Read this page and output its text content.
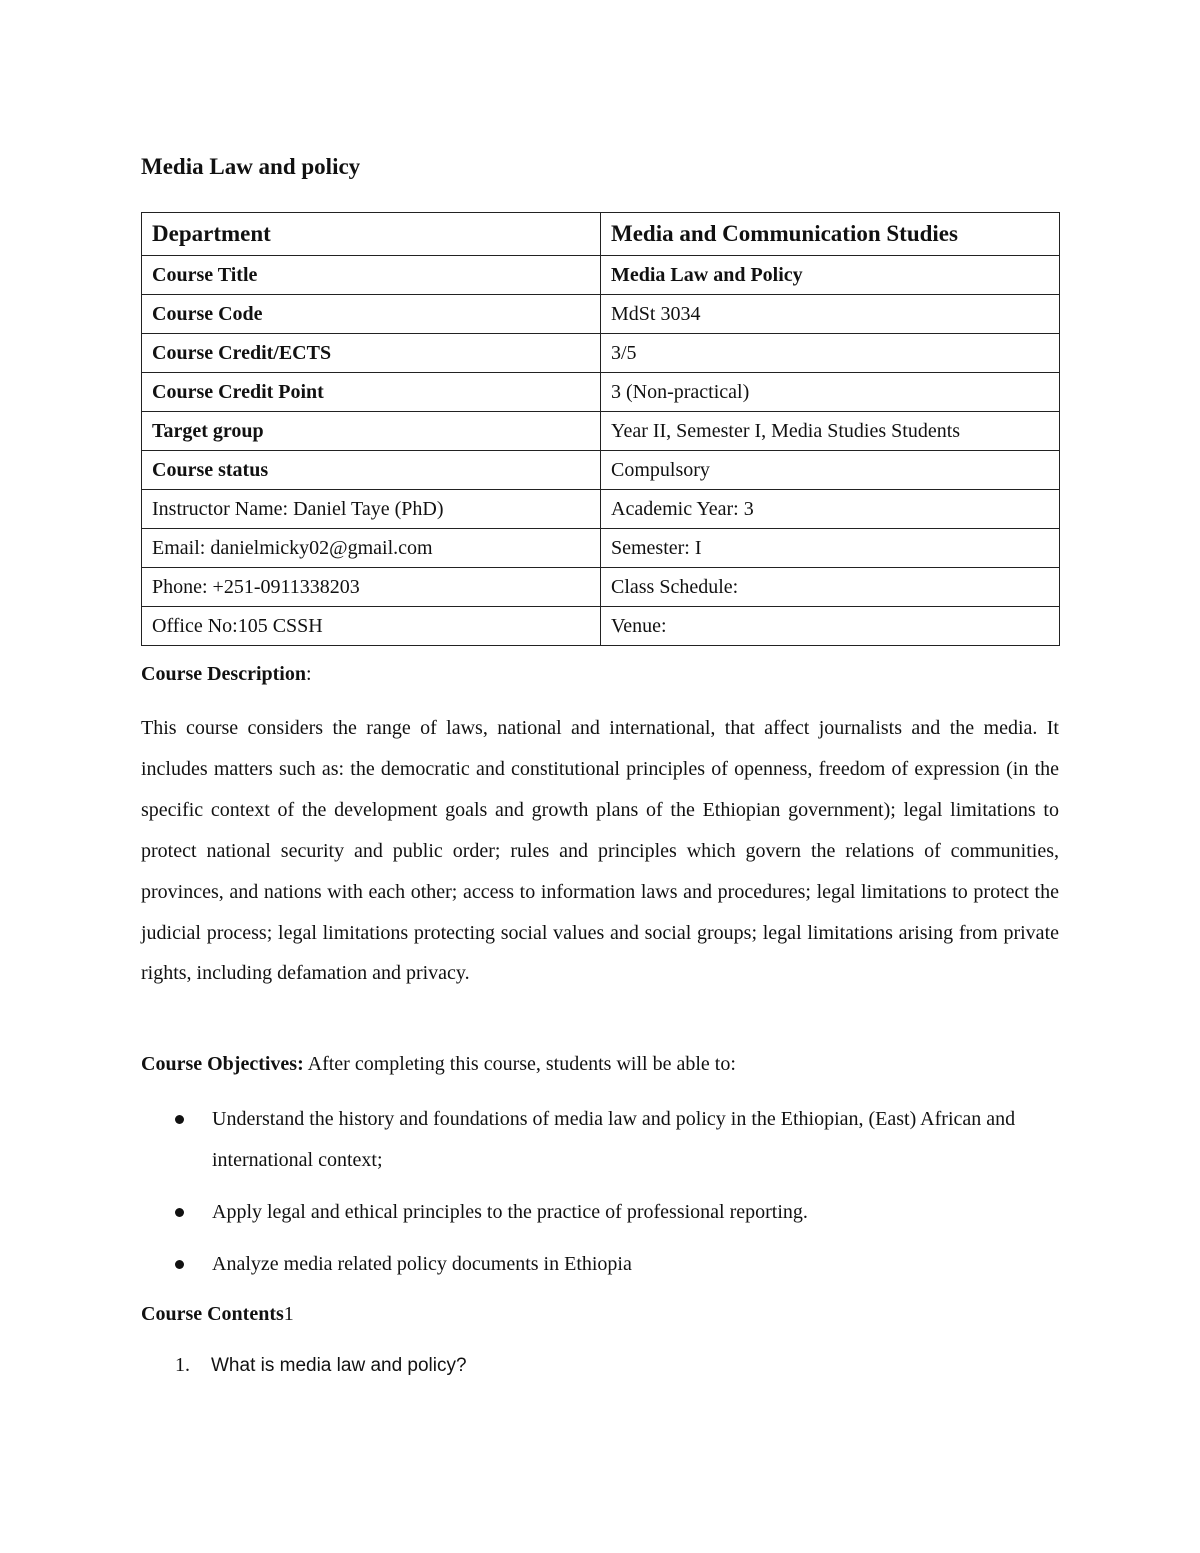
Media Law and policy
Department	Media and Communication Studies
Course Title	Media Law and Policy
Course Code	MdSt 3034
Course Credit/ECTS	3/5
Course Credit Point	3 (Non-practical)
Target group	Year II, Semester I, Media Studies Students
Course status	Compulsory
Instructor Name: Daniel Taye (PhD)	Academic Year: 3
Email: danielmicky02@gmail.com	Semester: I
Phone: +251-0911338203	Class Schedule:
Office No:105 CSSH	Venue:

Course Description:

This course considers the range of laws, national and international, that affect journalists and the media. It includes matters such as: the democratic and constitutional principles of openness, freedom of expression (in the specific context of the development goals and growth plans of the Ethiopian government); legal limitations to protect national security and public order; rules and principles which govern the relations of communities, provinces, and nations with each other; access to information laws and procedures; legal limitations to protect the judicial process; legal limitations protecting social values and social groups; legal limitations arising from private rights, including defamation and privacy.

Course Objectives: After completing this course, students will be able to:

Understand the history and foundations of media law and policy in the Ethiopian, (East) African and international context;
Apply legal and ethical principles to the practice of professional reporting.
Analyze media related policy documents in Ethiopia

Course Contents1

1. What is media law and policy?
